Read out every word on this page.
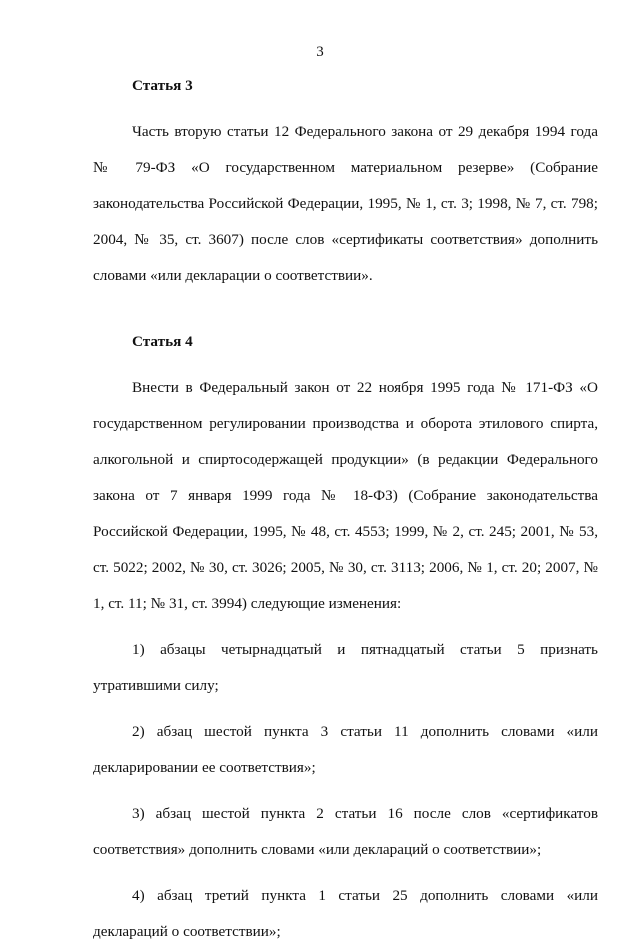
3

Статья 3

Часть вторую статьи 12 Федерального закона от 29 декабря 1994 года № 79-ФЗ «О государственном материальном резерве» (Собрание законодательства Российской Федерации, 1995, № 1, ст. 3; 1998, № 7, ст. 798; 2004, № 35, ст. 3607) после слов «сертификаты соответствия» дополнить словами «или декларации о соответствии».

Статья 4

Внести в Федеральный закон от 22 ноября 1995 года № 171-ФЗ «О государственном регулировании производства и оборота этилового спирта, алкогольной и спиртосодержащей продукции» (в редакции Федерального закона от 7 января 1999 года № 18-ФЗ) (Собрание законодательства Российской Федерации, 1995, № 48, ст. 4553; 1999, № 2, ст. 245; 2001, № 53, ст. 5022; 2002, № 30, ст. 3026; 2005, № 30, ст. 3113; 2006, № 1, ст. 20; 2007, № 1, ст. 11; № 31, ст. 3994) следующие изменения:

1) абзацы четырнадцатый и пятнадцатый статьи 5 признать утратившими силу;

2) абзац шестой пункта 3 статьи 11 дополнить словами «или декларировании ее соответствия»;

3) абзац шестой пункта 2 статьи 16 после слов «сертификатов соответствия» дополнить словами «или деклараций о соответствии»;

4) абзац третий пункта 1 статьи 25 дополнить словами «или деклараций о соответствии»;
